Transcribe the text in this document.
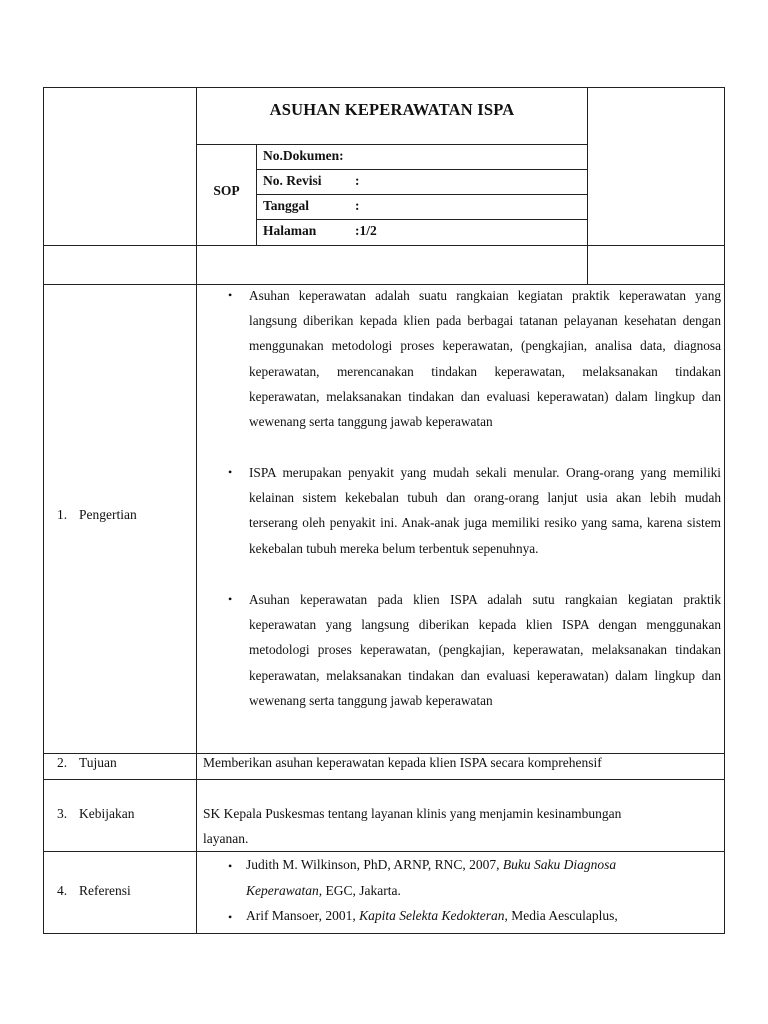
ASUHAN KEPERAWATAN ISPA
SOP
No.Dokumen:
No. Revisi :
Tanggal	:
Halaman	:1/2
1. Pengertian
• Asuhan keperawatan adalah suatu rangkaian kegiatan praktik keperawatan yang langsung diberikan kepada klien pada berbagai tatanan pelayanan kesehatan dengan menggunakan metodologi proses keperawatan, (pengkajian, analisa data, diagnosa keperawatan, merencanakan tindakan keperawatan, melaksanakan tindakan keperawatan, melaksanakan tindakan dan evaluasi keperawatan) dalam lingkup dan wewenang serta tanggung jawab keperawatan

• ISPA merupakan penyakit yang mudah sekali menular. Orang-orang yang memiliki kelainan sistem kekebalan tubuh dan orang-orang lanjut usia akan lebih mudah terserang oleh penyakit ini. Anak-anak juga memiliki resiko yang sama, karena sistem kekebalan tubuh mereka belum terbentuk sepenuhnya.

• Asuhan keperawatan pada klien ISPA adalah sutu rangkaian kegiatan praktik keperawatan yang langsung diberikan kepada klien ISPA dengan menggunakan metodologi proses keperawatan, (pengkajian, keperawatan, melaksanakan tindakan keperawatan, melaksanakan tindakan dan evaluasi keperawatan) dalam lingkup dan wewenang serta tanggung jawab keperawatan

2. Tujuan	Memberikan asuhan keperawatan kepada klien ISPA secara komprehensif
3. Kebijakan	SK Kepala Puskesmas tentang layanan klinis yang menjamin kesinambungan
layanan.
4. Referensi
• Judith M. Wilkinson, PhD, ARNP, RNC, 2007, Buku Saku Diagnosa
Keperawatan, EGC, Jakarta.
• Arif Mansoer, 2001, Kapita Selekta Kedokteran, Media Aesculaplus,
